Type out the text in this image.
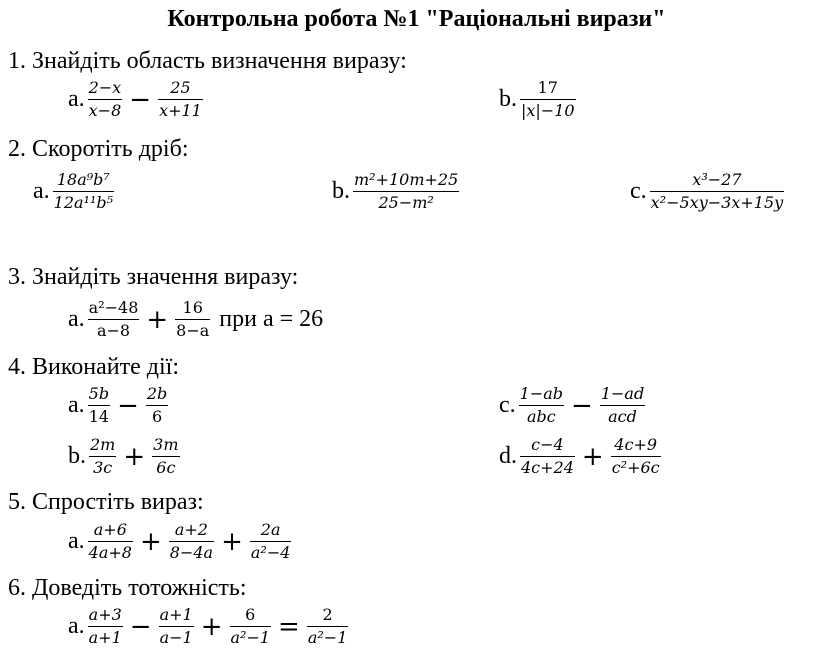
Контрольна робота №1 "Раціональні вирази"
1. Знайдіть область визначення виразу:
a. $\frac{2-x}{x-8} - \frac{25}{x+11}$	b. $\frac{17}{|x|-10}$
2. Скоротіть дріб:
a. $\frac{\text{18a⁹b⁷}}{\text{12a¹¹b⁵}}$	b. $\frac{\text{m²+10m+25}}{\text{25−m²}}$	c. $\frac{\text{x³−27}}{\text{x²−5xy−3x+15y}}$
3. Знайдіть значення виразу:
a. $\frac{\text{a²−48}}{a-8} + \frac{16}{8-a}$ при а = 26
4. Виконайте дії:
a. $\frac{5b}{14} - \frac{2b}{6}$
b. $\frac{2m}{3c} + \frac{3m}{6c}$
c. $\frac{1-ab}{\text{abc}} - \frac{1-ad}{\text{acd}}$
d. $\frac{c-4}{4c+24} + \frac{4c+9}{\text{c²+6c}}$
5. Спростіть вираз:
a. $\frac{a+6}{4a+8} + \frac{a+2}{8-4a} + \frac{2a}{\text{a²−4}}$
6. Доведіть тотожність:
a. $\frac{a+3}{a+1} - \frac{a+1}{a-1} + \frac{6}{\text{a²−1}} = \frac{2}{\text{a²−1}}$
